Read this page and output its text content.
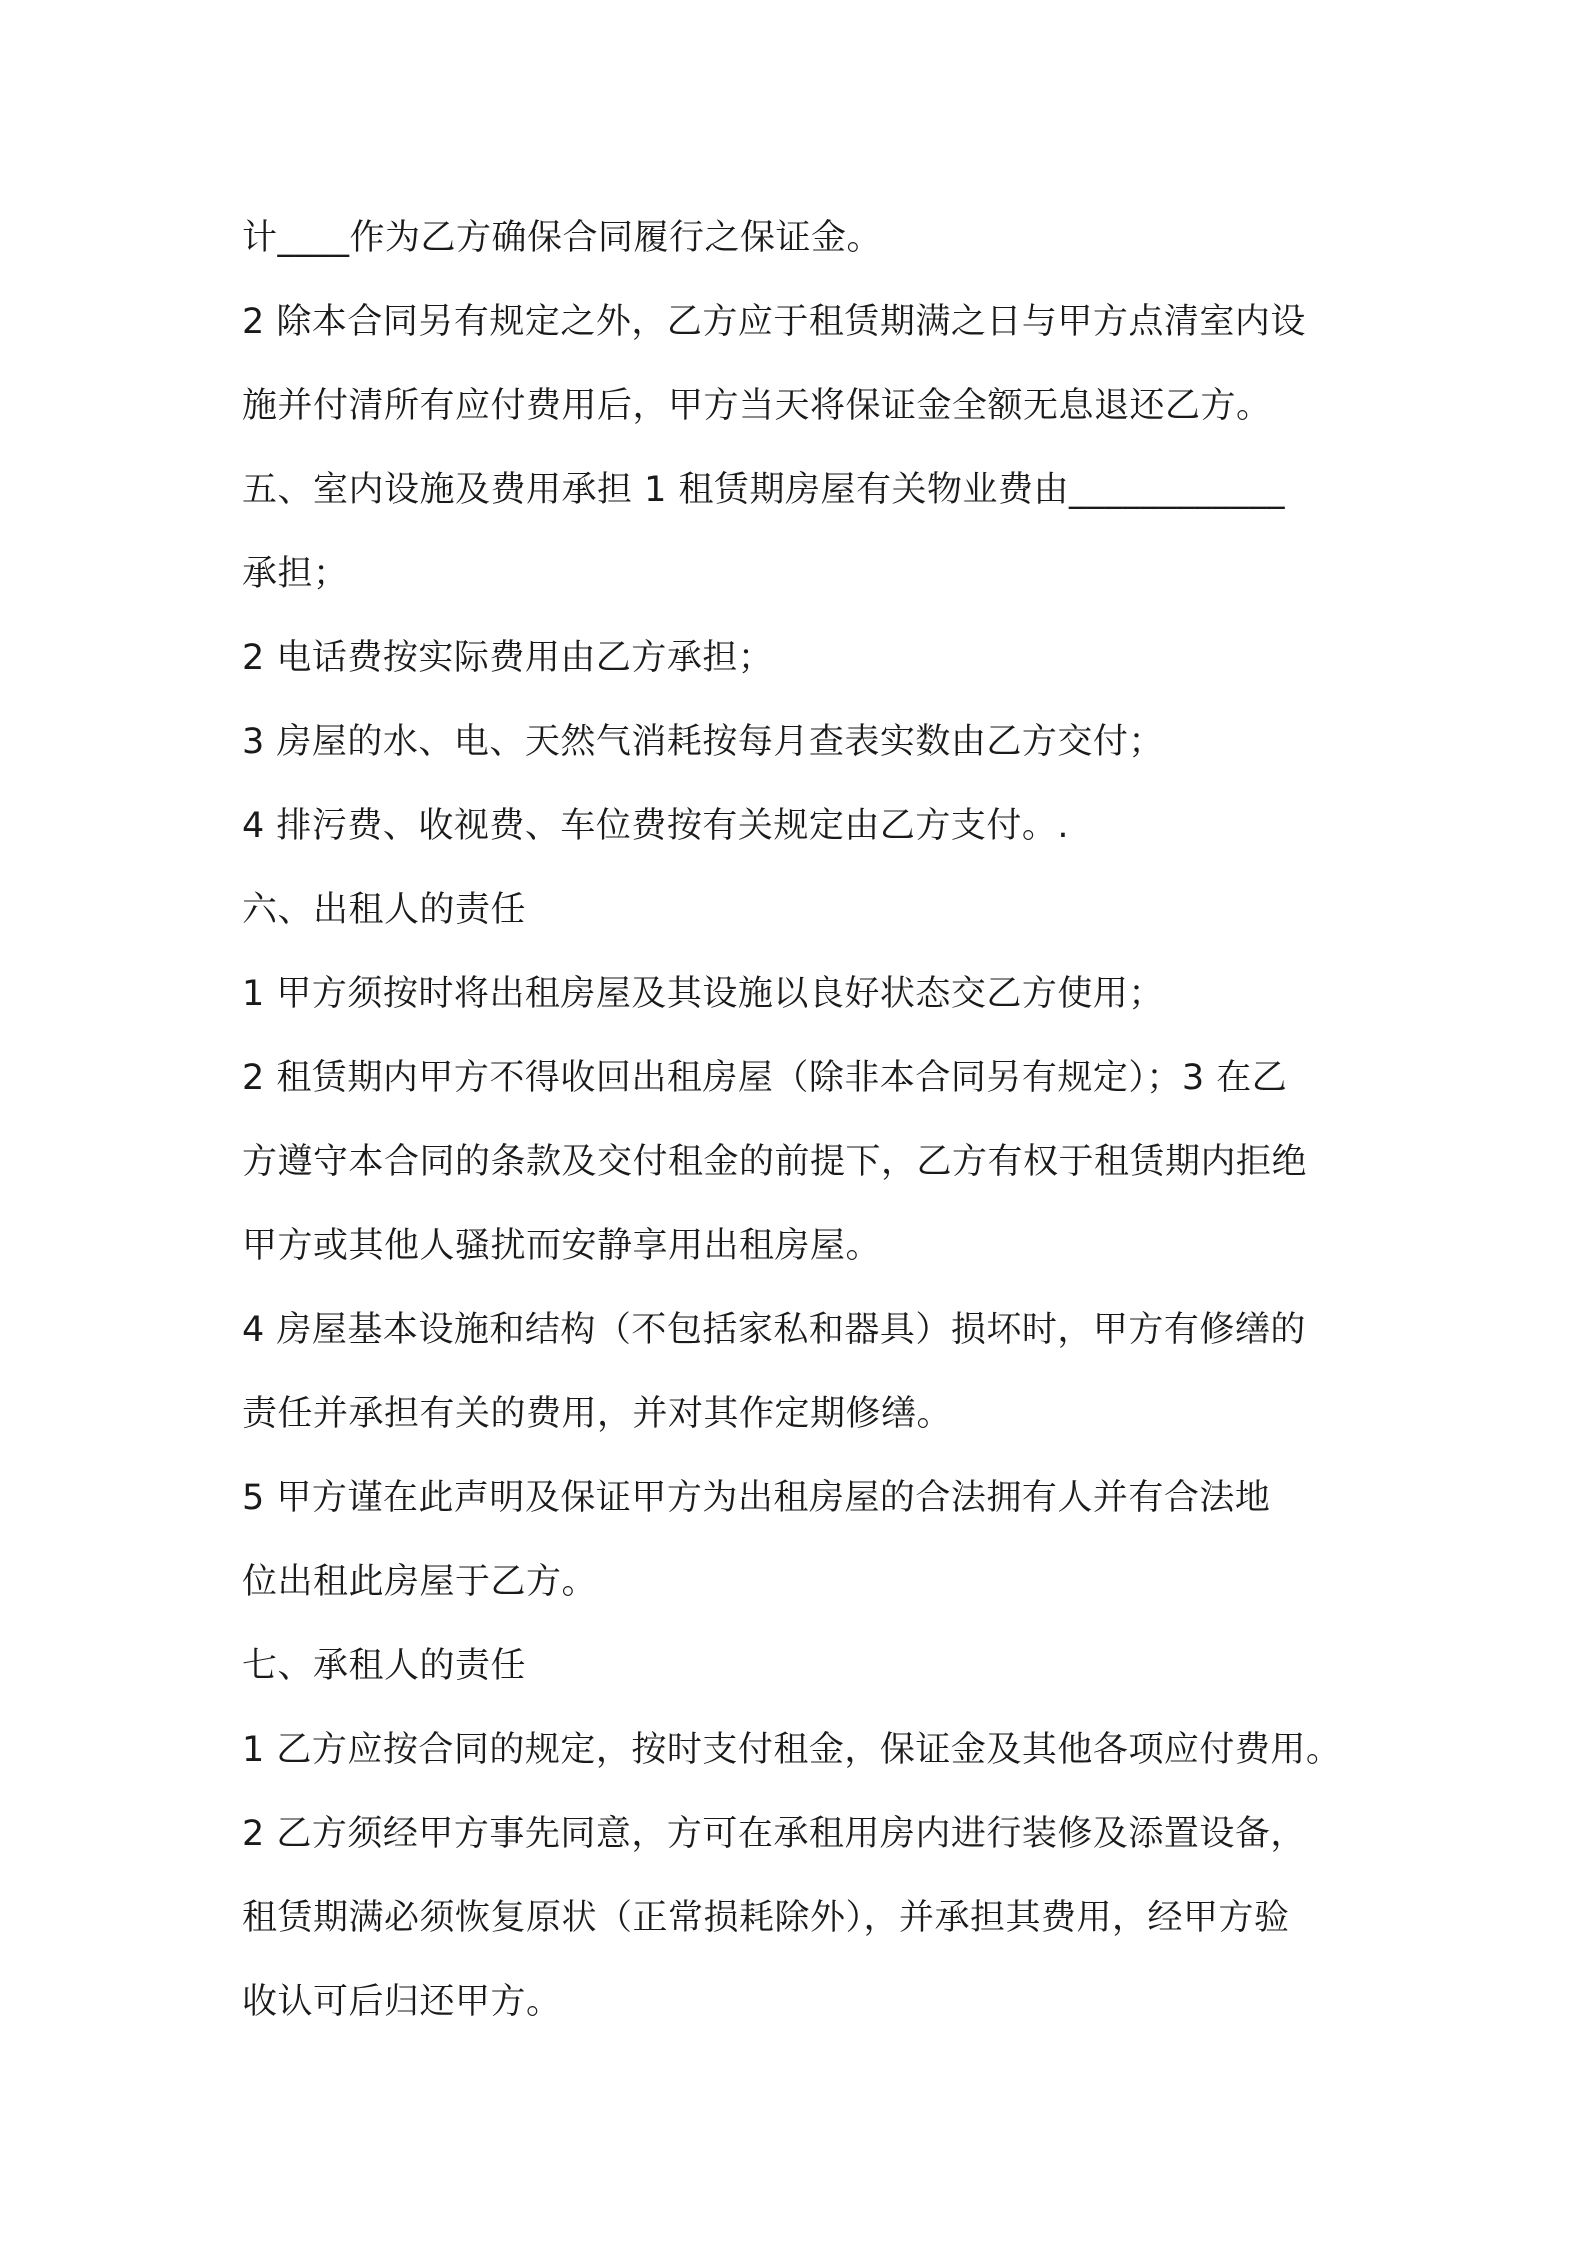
计____作为乙方确保合同履行之保证金。
2 除本合同另有规定之外，乙方应于租赁期满之日与甲方点清室内设
施并付清所有应付费用后，甲方当天将保证金全额无息退还乙方。
五、室内设施及费用承担 1 租赁期房屋有关物业费由____________
承担；
2 电话费按实际费用由乙方承担；
3 房屋的水、电、天然气消耗按每月查表实数由乙方交付；
4 排污费、收视费、车位费按有关规定由乙方支付。.
六、出租人的责任
1 甲方须按时将出租房屋及其设施以良好状态交乙方使用；
2 租赁期内甲方不得收回出租房屋（除非本合同另有规定）；3 在乙
方遵守本合同的条款及交付租金的前提下，乙方有权于租赁期内拒绝
甲方或其他人骚扰而安静享用出租房屋。
4 房屋基本设施和结构（不包括家私和器具）损坏时，甲方有修缮的
责任并承担有关的费用，并对其作定期修缮。
5 甲方谨在此声明及保证甲方为出租房屋的合法拥有人并有合法地
位出租此房屋于乙方。
七、承租人的责任
1 乙方应按合同的规定，按时支付租金，保证金及其他各项应付费用。
2 乙方须经甲方事先同意，方可在承租用房内进行装修及添置设备，
租赁期满必须恢复原状（正常损耗除外），并承担其费用，经甲方验
收认可后归还甲方。
